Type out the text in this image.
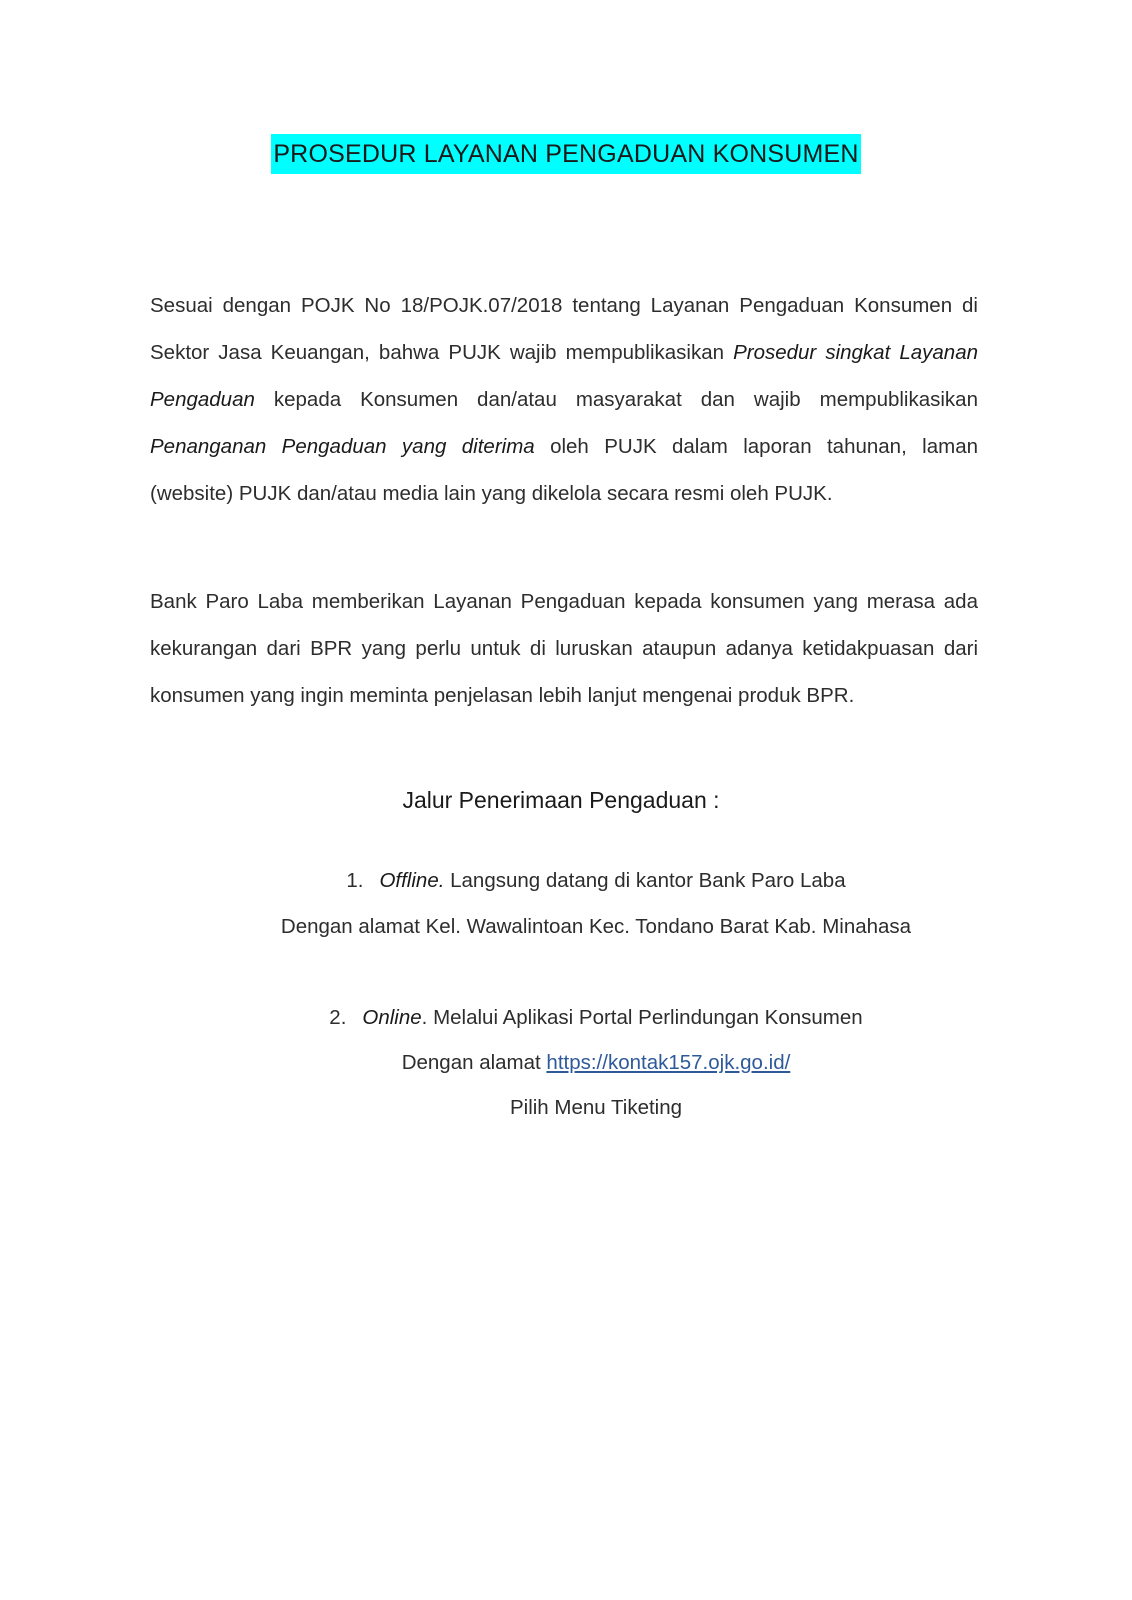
PROSEDUR LAYANAN PENGADUAN KONSUMEN

Sesuai dengan POJK No 18/POJK.07/2018 tentang Layanan Pengaduan Konsumen di Sektor Jasa Keuangan, bahwa PUJK wajib mempublikasikan Prosedur singkat Layanan Pengaduan kepada Konsumen dan/atau masyarakat dan wajib mempublikasikan Penanganan Pengaduan yang diterima oleh PUJK dalam laporan tahunan, laman (website) PUJK dan/atau media lain yang dikelola secara resmi oleh PUJK.

Bank Paro Laba memberikan Layanan Pengaduan kepada konsumen yang merasa ada kekurangan dari BPR yang perlu untuk di luruskan ataupun adanya ketidakpuasan dari konsumen yang ingin meminta penjelasan lebih lanjut mengenai produk BPR.

Jalur Penerimaan Pengaduan :
1. Offline. Langsung datang di kantor Bank Paro Laba
Dengan alamat Kel. Wawalintoan Kec. Tondano Barat Kab. Minahasa
2. Online. Melalui Aplikasi Portal Perlindungan Konsumen
Dengan alamat https://kontak157.ojk.go.id/
Pilih Menu Tiketing
